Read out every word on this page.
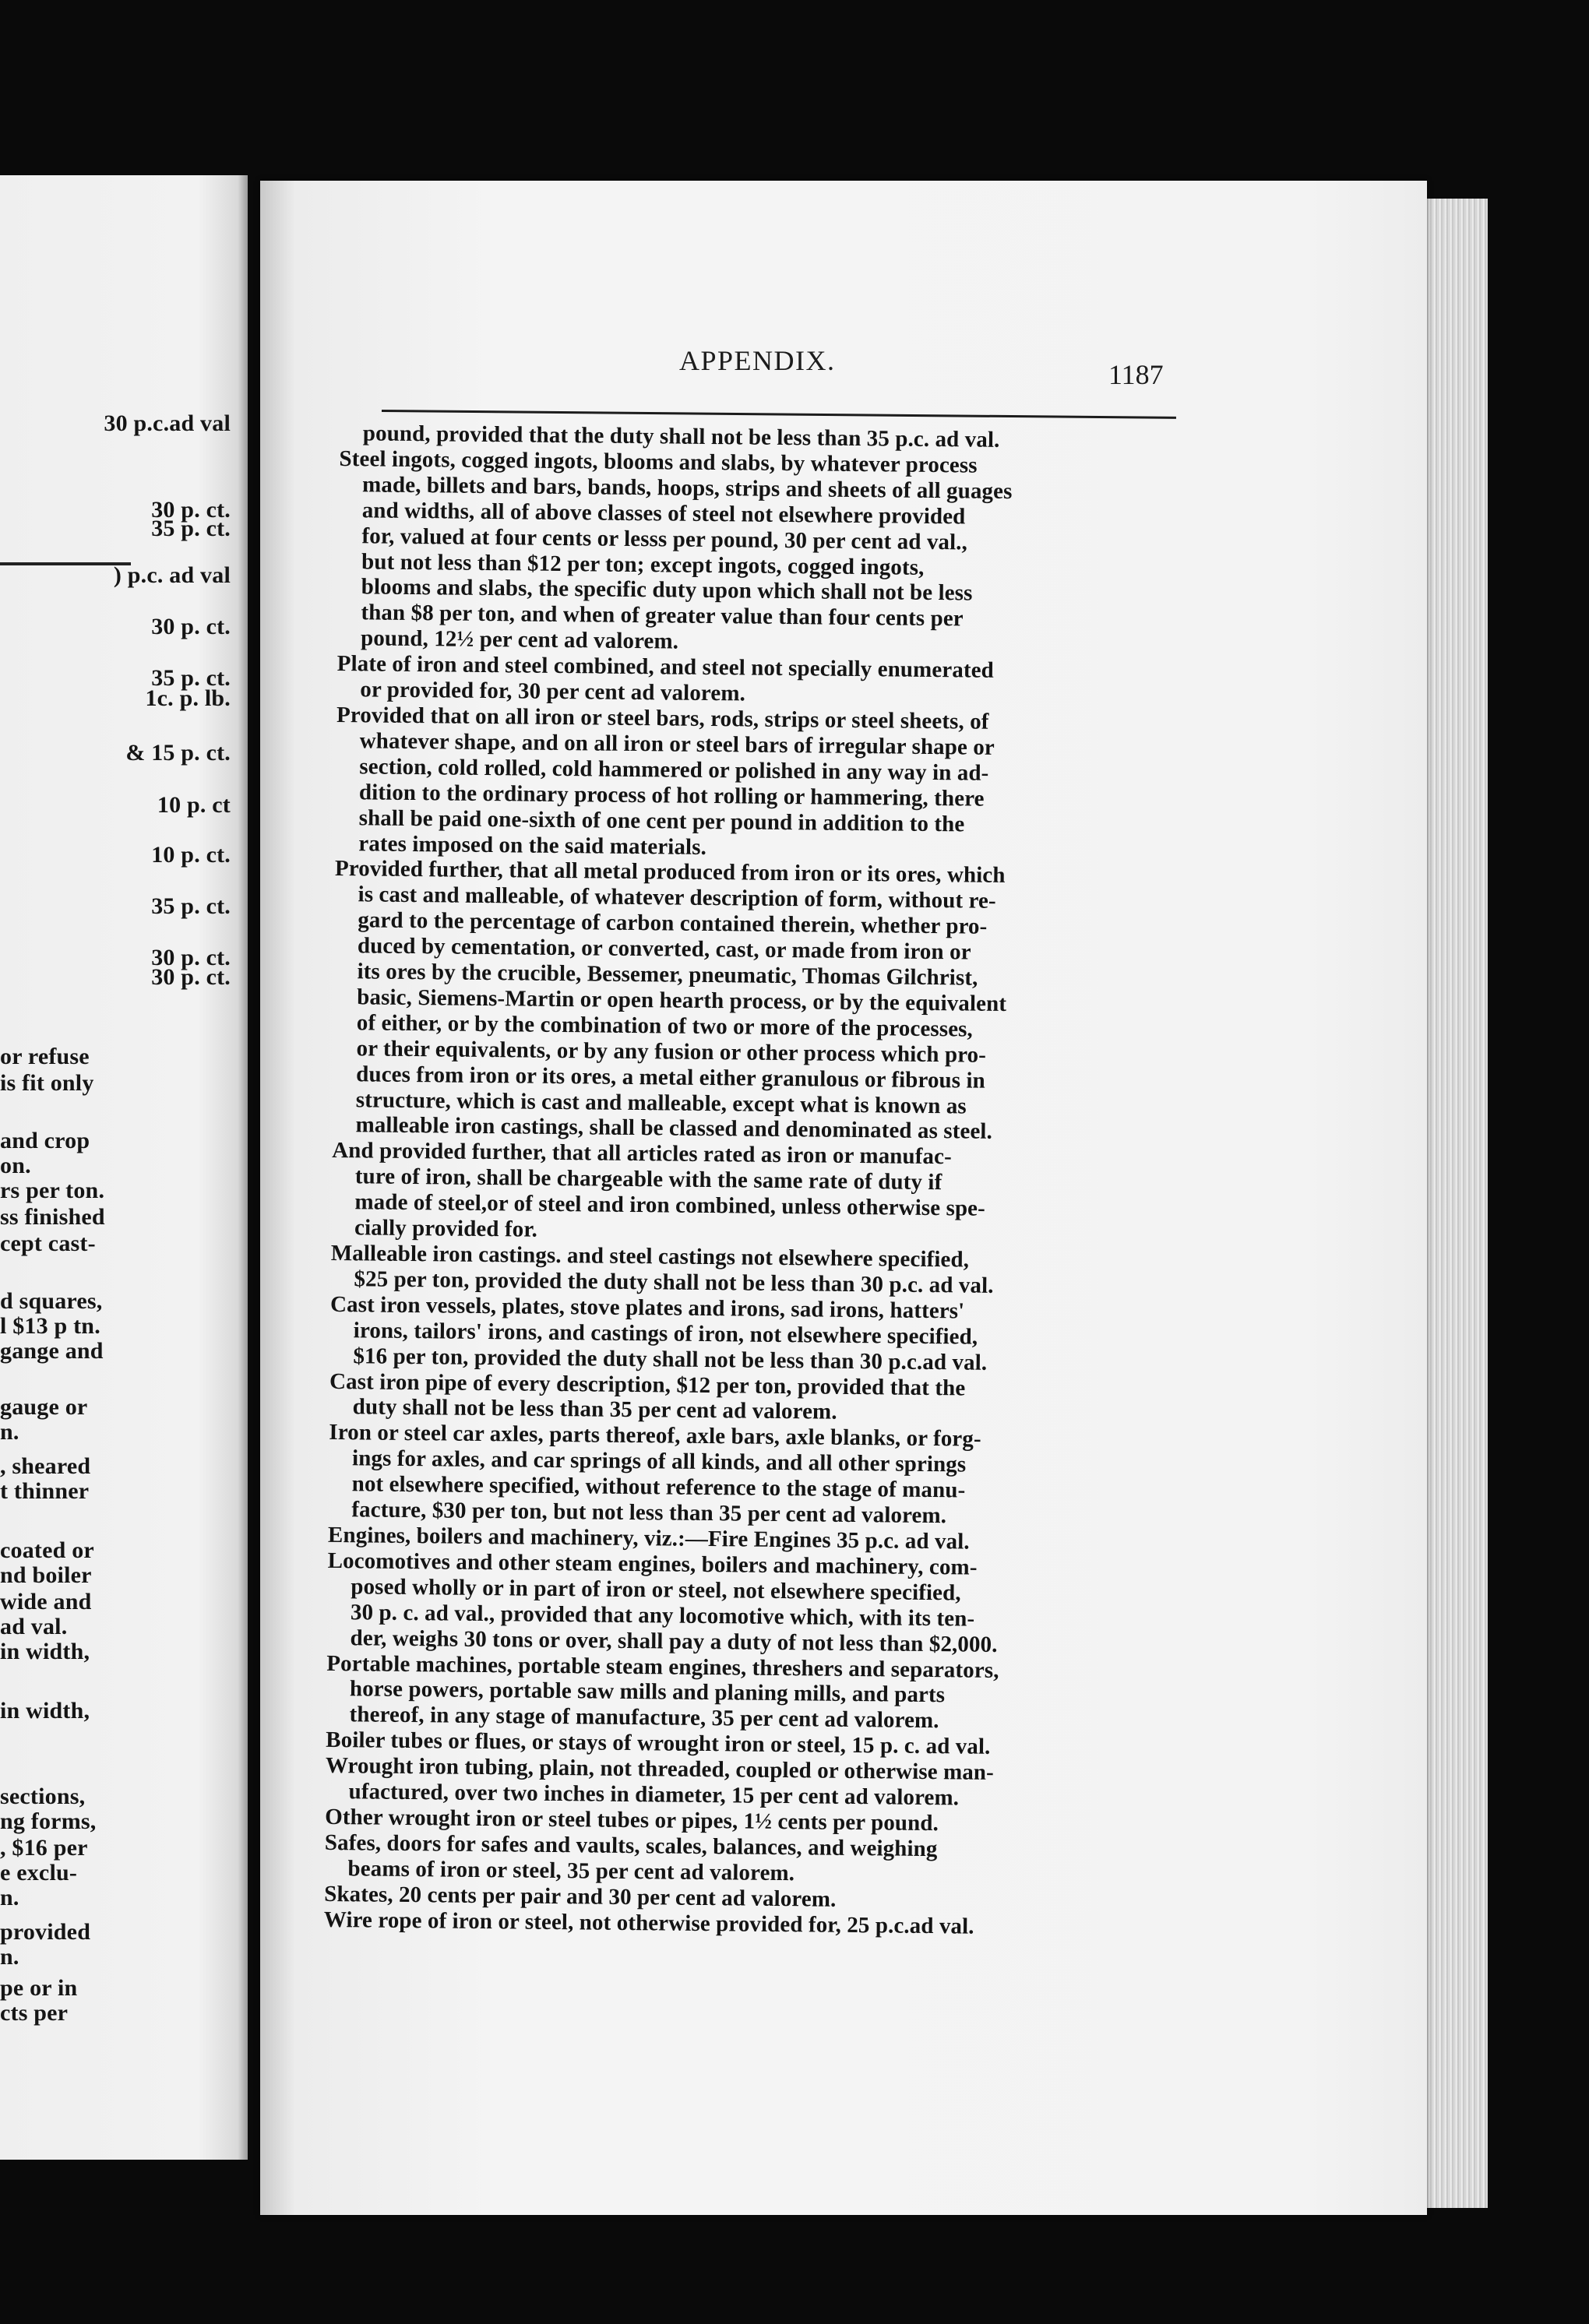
30 p.c.ad val

30 p. ct.

35 p. ct.

) p.c. ad val

30 p. ct.

35 p. ct.

1c. p. lb.

& 15 p. ct.

10 p. ct

10 p. ct.

35 p. ct.

30 p. ct.

30 p. ct.

or refuse

is fit only

and crop

on.

rs per ton.

ss finished

cept cast-

d squares,

l $13 p tn.

gange and

gauge or

n.

, sheared

t thinner

coated or

nd boiler

wide and

ad val.

in width,

in width,

sections,

ng forms,

, $16 per

e exclu-

n.

provided

n.

pe or in

cts per

APPENDIX.	1187

pound, provided that the duty shall not be less than 35 p.c. ad val.

Steel ingots, cogged ingots, blooms and slabs, by whatever process

made, billets and bars, bands, hoops, strips and sheets of all guages

and widths, all of above classes of steel not elsewhere provided

for, valued at four cents or lesss per pound, 30 per cent ad val.,

but not less than $12 per ton; except ingots, cogged ingots,

blooms and slabs, the specific duty upon which shall not be less

than $8 per ton, and when of greater value than four cents per

pound, 12½ per cent ad valorem.

Plate of iron and steel combined, and steel not specially enumerated

or provided for, 30 per cent ad valorem.

Provided that on all iron or steel bars, rods, strips or steel sheets, of

whatever shape, and on all iron or steel bars of irregular shape or

section, cold rolled, cold hammered or polished in any way in ad-

dition to the ordinary process of hot rolling or hammering, there

shall be paid one-sixth of one cent per pound in addition to the

rates imposed on the said materials.

Provided further, that all metal produced from iron or its ores, which

is cast and malleable, of whatever description of form, without re-

gard to the percentage of carbon contained therein, whether pro-

duced by cementation, or converted, cast, or made from iron or

its ores by the crucible, Bessemer, pneumatic, Thomas Gilchrist,

basic, Siemens-Martin or open hearth process, or by the equivalent

of either, or by the combination of two or more of the processes,

or their equivalents, or by any fusion or other process which pro-

duces from iron or its ores, a metal either granulous or fibrous in

structure, which is cast and malleable, except what is known as

malleable iron castings, shall be classed and denominated as steel.

And provided further, that all articles rated as iron or manufac-

ture of iron, shall be chargeable with the same rate of duty if

made of steel,or of steel and iron combined, unless otherwise spe-

cially provided for.

Malleable iron castings. and steel castings not elsewhere specified,

$25 per ton, provided the duty shall not be less than 30 p.c. ad val.

Cast iron vessels, plates, stove plates and irons, sad irons, hatters'

irons, tailors' irons, and castings of iron, not elsewhere specified,

$16 per ton, provided the duty shall not be less than 30 p.c.ad val.

Cast iron pipe of every description, $12 per ton, provided that the

duty shall not be less than 35 per cent ad valorem.

Iron or steel car axles, parts thereof, axle bars, axle blanks, or forg-

ings for axles, and car springs of all kinds, and all other springs

not elsewhere specified, without reference to the stage of manu-

facture, $30 per ton, but not less than 35 per cent ad valorem.

Engines, boilers and machinery, viz.:—Fire Engines 35 p.c. ad val.

Locomotives and other steam engines, boilers and machinery, com-

posed wholly or in part of iron or steel, not elsewhere specified,

30 p. c. ad val., provided that any locomotive which, with its ten-

der, weighs 30 tons or over, shall pay a duty of not less than $2,000.

Portable machines, portable steam engines, threshers and separators,

horse powers, portable saw mills and planing mills, and parts

thereof, in any stage of manufacture, 35 per cent ad valorem.

Boiler tubes or flues, or stays of wrought iron or steel, 15 p. c. ad val.

Wrought iron tubing, plain, not threaded, coupled or otherwise man-

ufactured, over two inches in diameter, 15 per cent ad valorem.

Other wrought iron or steel tubes or pipes, 1½ cents per pound.

Safes, doors for safes and vaults, scales, balances, and weighing

beams of iron or steel, 35 per cent ad valorem.

Skates, 20 cents per pair and 30 per cent ad valorem.

Wire rope of iron or steel, not otherwise provided for, 25 p.c.ad val.
